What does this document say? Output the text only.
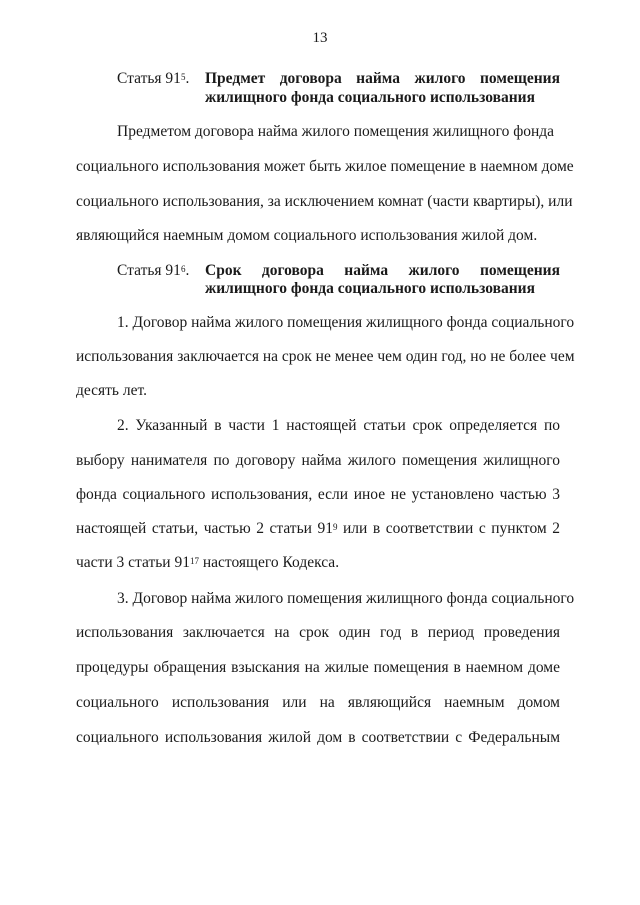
13
Статья $91^5$. Предмет договора найма жилого помещения
жилищного фонда социального использования
Предметом договора найма жилого помещения жилищного фонда
социального использования может быть жилое помещение в наемном доме
социального использования, за исключением комнат (части квартиры), или
являющийся наемным домом социального использования жилой дом.
Статья $91^6$. Срок договора найма жилого помещения
жилищного фонда социального использования
1. Договор найма жилого помещения жилищного фонда социального
использования заключается на срок не менее чем один год, но не более чем
десять лет.
2. Указанный в части 1 настоящей статьи срок определяется по
выбору нанимателя по договору найма жилого помещения жилищного
фонда социального использования, если иное не установлено частью 3
настоящей статьи, частью 2 статьи $91^9$ или в соответствии с пунктом 2
части 3 статьи $91^{17}$ настоящего Кодекса.
3. Договор найма жилого помещения жилищного фонда социального
использования заключается на срок один год в период проведения
процедуры обращения взыскания на жилые помещения в наемном доме
социального использования или на являющийся наемным домом
социального использования жилой дом в соответствии с Федеральным
